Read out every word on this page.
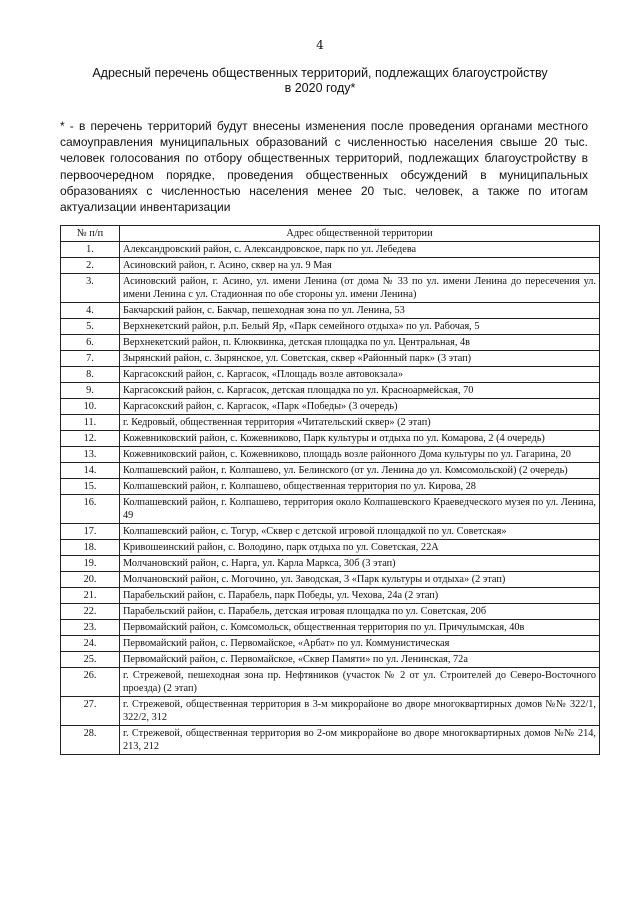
4
Адресный перечень общественных территорий, подлежащих благоустройству
в 2020 году*
* - в перечень территорий будут внесены изменения после проведения органами местного самоуправления муниципальных образований с численностью населения свыше 20 тыс. человек голосования по отбору общественных территорий, подлежащих благоустройству в первоочередном порядке, проведения общественных обсуждений в муниципальных образованиях с численностью населения менее 20 тыс. человек, а также по итогам актуализации инвентаризации
№ п/п	Адрес общественной территории
1.	Александровский район, с. Александровское, парк по ул. Лебедева
2.	Асиновский район, г. Асино, сквер на ул. 9 Мая
3.	Асиновский район, г. Асино, ул. имени Ленина (от дома № 33 по ул. имени Ленина до пересечения ул. имени Ленина с ул. Стадионная по обе стороны ул. имени Ленина)
4.	Бакчарский район, с. Бакчар, пешеходная зона по ул. Ленина, 53
5.	Верхнекетский район, р.п. Белый Яр, «Парк семейного отдыха» по ул. Рабочая, 5
6.	Верхнекетский район, п. Клюквинка, детская площадка по ул. Центральная, 4в
7.	Зырянский район, с. Зырянское, ул. Советская, сквер «Районный парк» (3 этап)
8.	Каргасокский район, с. Каргасок, «Площадь возле автовокзала»
9.	Каргасокский район, с. Каргасок, детская площадка по ул. Красноармейская, 70
10.	Каргасокский район, с. Каргасок, «Парк «Победы» (3 очередь)
11.	г. Кедровый, общественная территория «Читательский сквер» (2 этап)
12.	Кожевниковский район, с. Кожевниково, Парк культуры и отдыха по ул. Комарова, 2 (4 очередь)
13.	Кожевниковский район, с. Кожевниково, площадь возле районного Дома культуры по ул. Гагарина, 20
14.	Колпашевский район, г. Колпашево, ул. Белинского (от ул. Ленина до ул. Комсомольской) (2 очередь)
15.	Колпашевский район, г. Колпашево, общественная территория по ул. Кирова, 28
16.	Колпашевский район, г. Колпашево, территория около Колпашевского Краеведческого музея по ул. Ленина, 49
17.	Колпашевский район, с. Тогур, «Сквер с детской игровой площадкой по ул. Советская»
18.	Кривошеинский район, с. Володино, парк отдыха по ул. Советская, 22А
19.	Молчановский район, с. Нарга, ул. Карла Маркса, 30б (3 этап)
20.	Молчановский район, с. Могочино, ул. Заводская, 3 «Парк культуры и отдыха» (2 этап)
21.	Парабельский район, с. Парабель, парк Победы, ул. Чехова, 24а (2 этап)
22.	Парабельский район, с. Парабель, детская игровая площадка по ул. Советская, 20б
23.	Первомайский район, с. Комсомольск, общественная территория по ул. Причулымская, 40в
24.	Первомайский район, с. Первомайское, «Арбат» по ул. Коммунистическая
25.	Первомайский район, с. Первомайское, «Сквер Памяти» по ул. Ленинская, 72а
26.	г. Стрежевой, пешеходная зона пр. Нефтяников (участок № 2 от ул. Строителей до Северо-Восточного проезда) (2 этап)
27.	г. Стрежевой, общественная территория в 3-м микрорайоне во дворе многоквартирных домов №№ 322/1, 322/2, 312
28.	г. Стрежевой, общественная территория во 2-ом микрорайоне во дворе многоквартирных домов №№ 214, 213, 212
